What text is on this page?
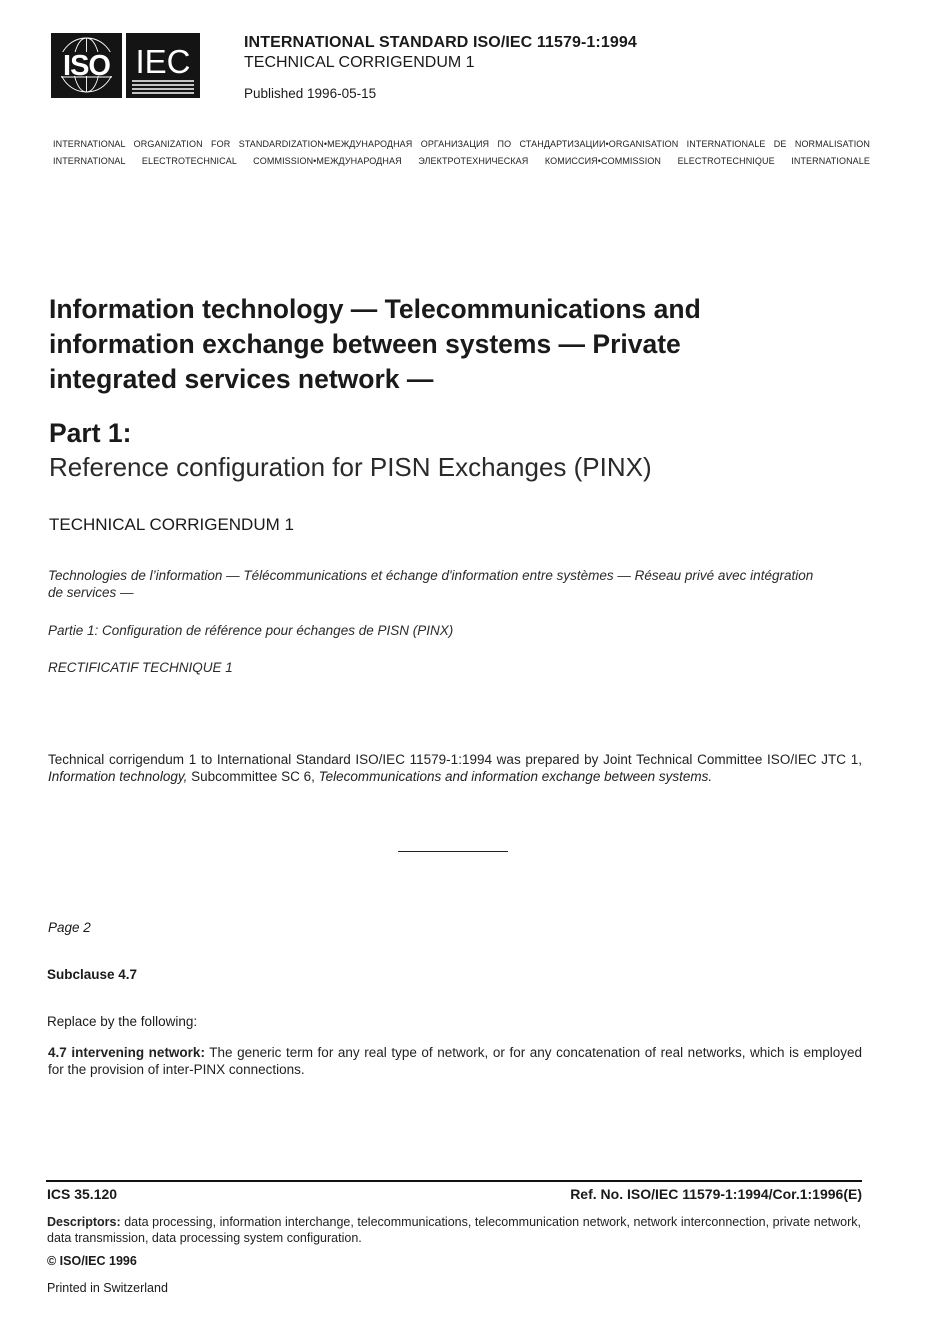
ISO IEC
INTERNATIONAL STANDARD ISO/IEC 11579-1:1994
TECHNICAL CORRIGENDUM 1
Published 1996-05-15
INTERNATIONAL ORGANIZATION FOR STANDARDIZATION•МЕЖДУНАРОДНАЯ ОРГАНИЗАЦИЯ ПО СТАНДАРТИЗАЦИИ•ORGANISATION INTERNATIONALE DE NORMALISATION
INTERNATIONAL ELECTROTECHNICAL COMMISSION•МЕЖДУНАРОДНАЯ ЭЛЕКТРОТЕХНИЧЕСКАЯ КОМИССИЯ•COMMISSION ELECTROTECHNIQUE INTERNATIONALE
Information technology — Telecommunications and information exchange between systems — Private integrated services network —
Part 1:
Reference configuration for PISN Exchanges (PINX)
TECHNICAL CORRIGENDUM 1
Technologies de l’information — Télécommunications et échange d'information entre systèmes — Réseau privé avec intégration de services —
Partie 1: Configuration de référence pour échanges de PISN (PINX)
RECTIFICATIF TECHNIQUE 1
Technical corrigendum 1 to International Standard ISO/IEC 11579-1:1994 was prepared by Joint Technical Committee ISO/IEC JTC 1, Information technology, Subcommittee SC 6, Telecommunications and information exchange between systems.
Page 2
Subclause 4.7
Replace by the following:
4.7 intervening network: The generic term for any real type of network, or for any concatenation of real networks, which is employed for the provision of inter-PINX connections.
ICS 35.120	Ref. No. ISO/IEC 11579-1:1994/Cor.1:1996(E)
Descriptors: data processing, information interchange, telecommunications, telecommunication network, network interconnection, private network, data transmission, data processing system configuration.
© ISO/IEC 1996
Printed in Switzerland
